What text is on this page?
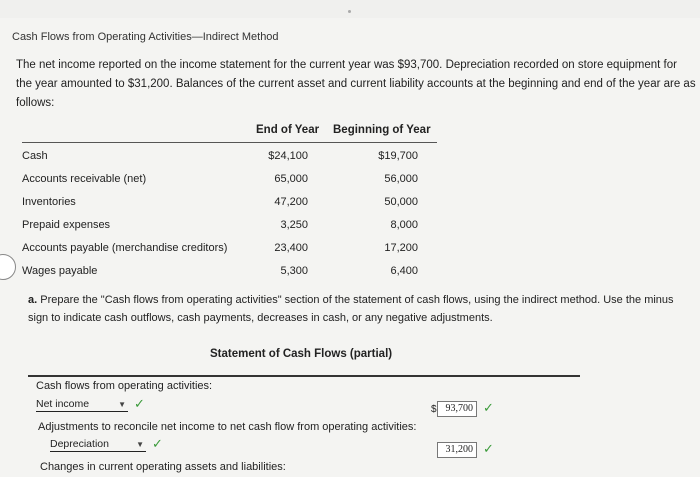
Cash Flows from Operating Activities—Indirect Method
The net income reported on the income statement for the current year was $93,700. Depreciation recorded on store equipment for the year amounted to $31,200. Balances of the current asset and current liability accounts at the beginning and end of the year are as follows:
End of Year Beginning of Year
Cash	$24,100	$19,700
Accounts receivable (net)	65,000	56,000
Inventories	47,200	50,000
Prepaid expenses	3,250	8,000
Accounts payable (merchandise creditors)	23,400	17,200
Wages payable	5,300	6,400
a. Prepare the "Cash flows from operating activities" section of the statement of cash flows, using the indirect method. Use the minus sign to indicate cash outflows, cash payments, decreases in cash, or any negative adjustments.
Statement of Cash Flows (partial)
Cash flows from operating activities:
Net income	▼ ✓	$ 93,700 ✓
Adjustments to reconcile net income to net cash flow from operating activities:
Depreciation	▼ ✓	31,200 ✓
Changes in current operating assets and liabilities:
